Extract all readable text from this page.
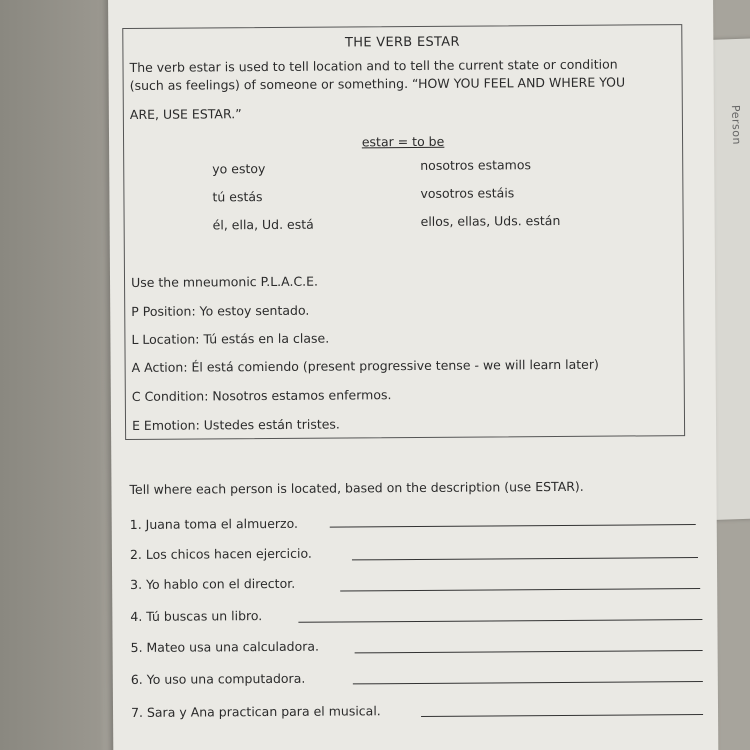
Person
THE VERB ESTAR
The verb estar is used to tell location and to tell the current state or condition
(such as feelings) of someone or something. “HOW YOU FEEL AND WHERE YOU
ARE, USE ESTAR.”
estar = to be
yo estoy
tú estás
él, ella, Ud. está
nosotros estamos
vosotros estáis
ellos, ellas, Uds. están
Use the mneumonic P.L.A.C.E.
P Position: Yo estoy sentado.
L Location: Tú estás en la clase.
A Action: Él está comiendo (present progressive tense - we will learn later)
C Condition: Nosotros estamos enfermos.
E Emotion: Ustedes están tristes.
Tell where each person is located, based on the description (use ESTAR).
1. Juana toma el almuerzo.
2. Los chicos hacen ejercicio.
3. Yo hablo con el director.
4. Tú buscas un libro.
5. Mateo usa una calculadora.
6. Yo uso una computadora.
7. Sara y Ana practican para el musical.
